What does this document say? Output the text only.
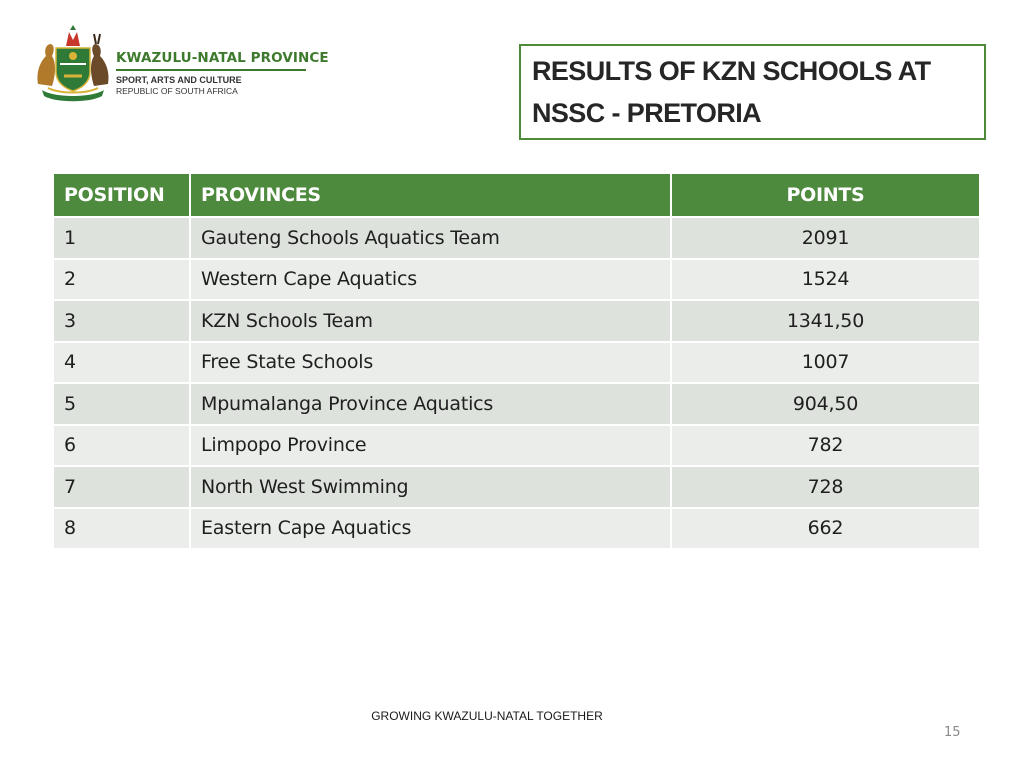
KWAZULU-NATAL PROVINCE
SPORT, ARTS AND CULTURE
REPUBLIC OF SOUTH AFRICA
RESULTS OF KZN SCHOOLS AT
NSSC - PRETORIA
POSITION	PROVINCES	POINTS
1	Gauteng Schools Aquatics Team	2091
2	Western Cape Aquatics	1524
3	KZN Schools Team	1341,50
4	Free State Schools	1007
5	Mpumalanga Province Aquatics	904,50
6	Limpopo Province	782
7	North West Swimming	728
8	Eastern Cape Aquatics	662
GROWING KWAZULU-NATAL TOGETHER
15
